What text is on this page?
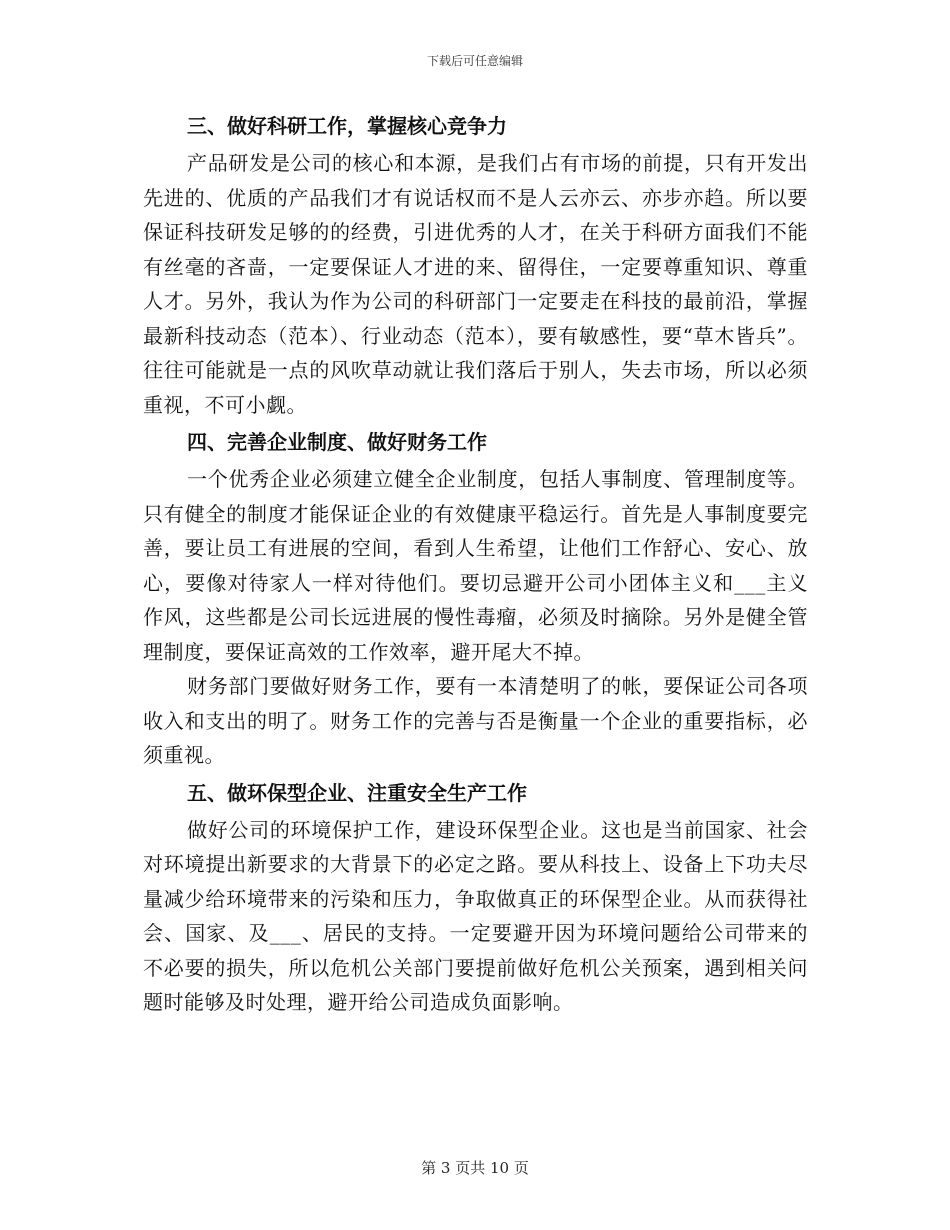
下载后可任意编辑
三、做好科研工作，掌握核心竞争力

产品研发是公司的核心和本源，是我们占有市场的前提，只有开发出先进的、优质的产品我们才有说话权而不是人云亦云、亦步亦趋。所以要保证科技研发足够的的经费，引进优秀的人才，在关于科研方面我们不能有丝毫的吝啬，一定要保证人才进的来、留得住，一定要尊重知识、尊重人才。另外，我认为作为公司的科研部门一定要走在科技的最前沿，掌握最新科技动态（范本）、行业动态（范本），要有敏感性，要“草木皆兵”。往往可能就是一点的风吹草动就让我们落后于别人，失去市场，所以必须重视，不可小觑。

四、完善企业制度、做好财务工作

一个优秀企业必须建立健全企业制度，包括人事制度、管理制度等。只有健全的制度才能保证企业的有效健康平稳运行。首先是人事制度要完善，要让员工有进展的空间，看到人生希望，让他们工作舒心、安心、放心，要像对待家人一样对待他们。要切忌避开公司小团体主义和___主义作风，这些都是公司长远进展的慢性毒瘤，必须及时摘除。另外是健全管理制度，要保证高效的工作效率，避开尾大不掉。

财务部门要做好财务工作，要有一本清楚明了的帐，要保证公司各项收入和支出的明了。财务工作的完善与否是衡量一个企业的重要指标，必须重视。

五、做环保型企业、注重安全生产工作

做好公司的环境保护工作，建设环保型企业。这也是当前国家、社会对环境提出新要求的大背景下的必定之路。要从科技上、设备上下功夫尽量减少给环境带来的污染和压力，争取做真正的环保型企业。从而获得社会、国家、及___、居民的支持。一定要避开因为环境问题给公司带来的不必要的损失，所以危机公关部门要提前做好危机公关预案，遇到相关问题时能够及时处理，避开给公司造成负面影响。

第 3 页共 10 页
